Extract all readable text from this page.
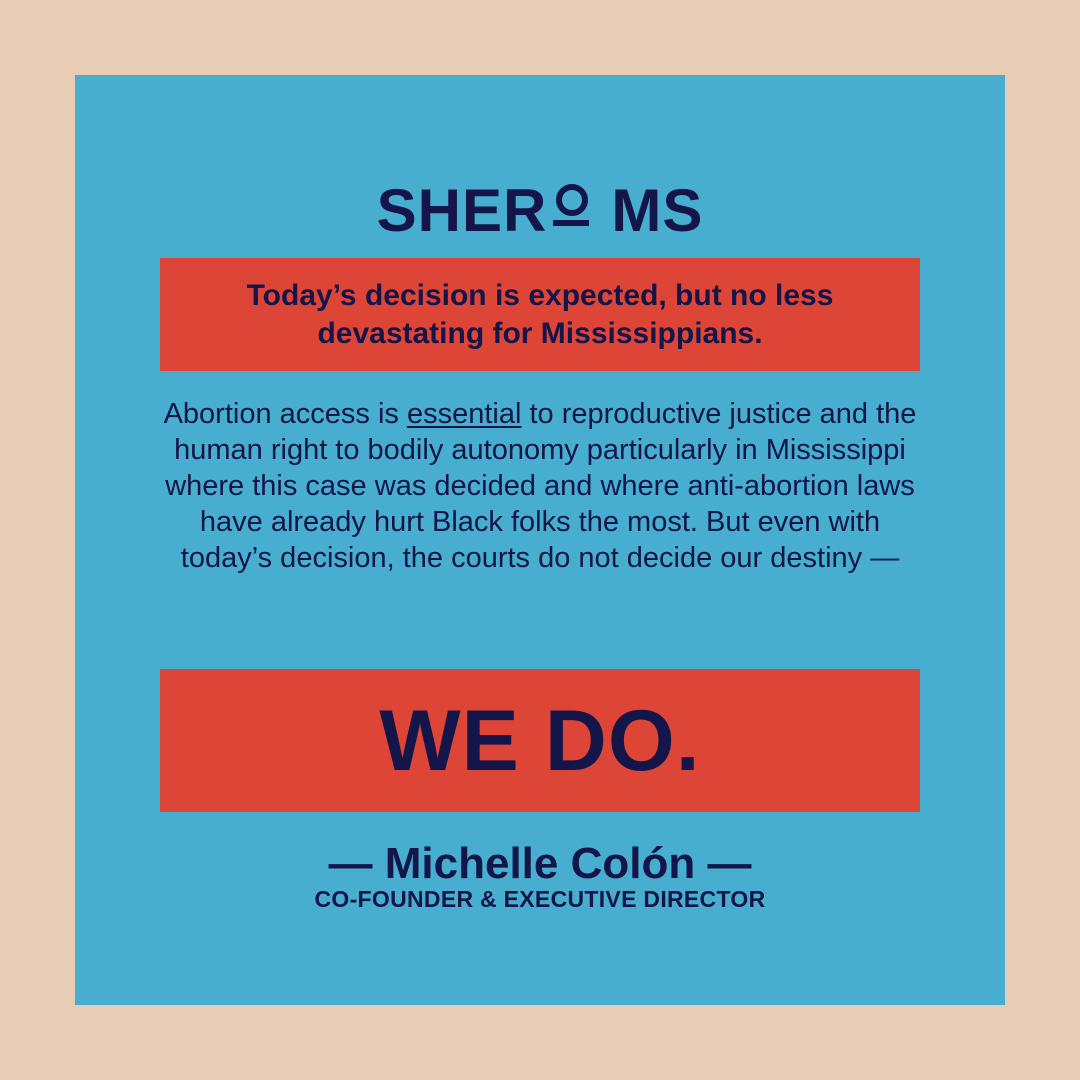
SHER MS
Today’s decision is expected, but no less devastating for Mississippians.
Abortion access is essential to reproductive justice and the human right to bodily autonomy particularly in Mississippi where this case was decided and where anti-abortion laws have already hurt Black folks the most. But even with today’s decision, the courts do not decide our destiny —
WE DO.
— Michelle Colón —
CO-FOUNDER & EXECUTIVE DIRECTOR
